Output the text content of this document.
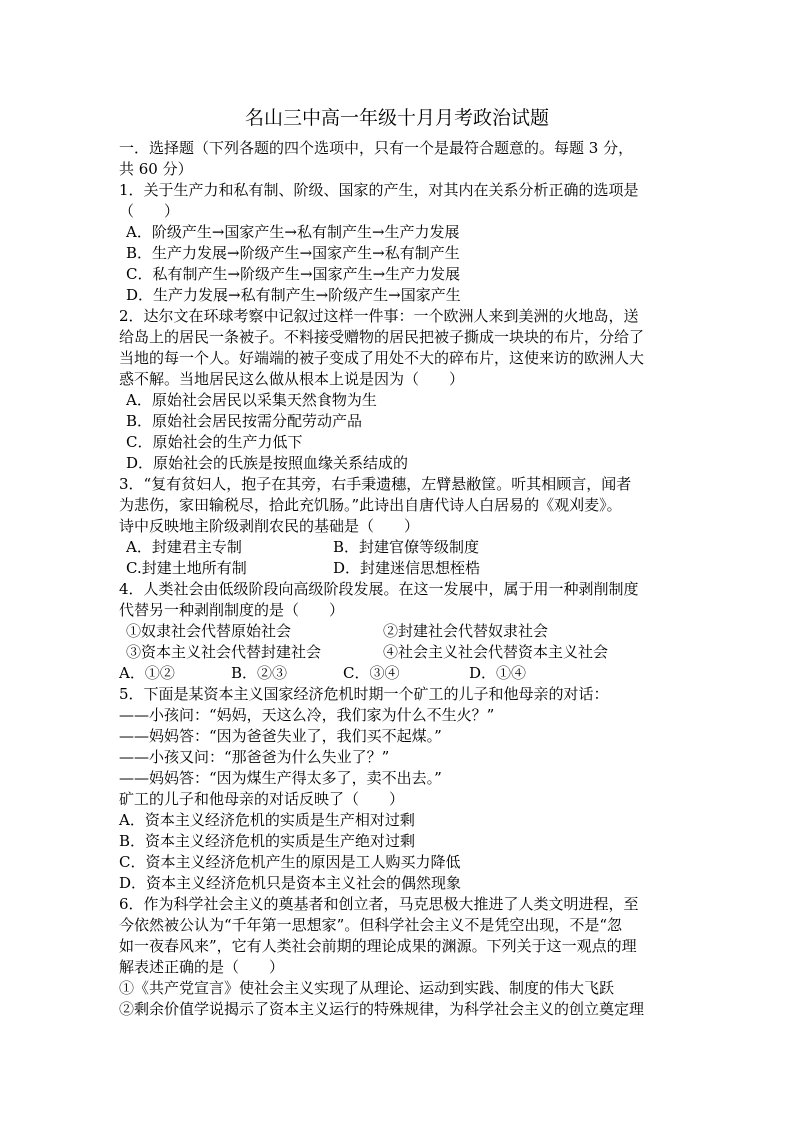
名山三中高一年级十月月考政治试题
一．选择题（下列各题的四个选项中，只有一个是最符合题意的。每题 3 分，
共 60 分）
1．关于生产力和私有制、阶级、国家的产生，对其内在关系分析正确的选项是
（　　）
A．阶级产生→国家产生→私有制产生→生产力发展
B．生产力发展→阶级产生→国家产生→私有制产生
C．私有制产生→阶级产生→国家产生→生产力发展
D．生产力发展→私有制产生→阶级产生→国家产生
2．达尔文在环球考察中记叙过这样一件事：一个欧洲人来到美洲的火地岛，送
给岛上的居民一条被子。不料接受赠物的居民把被子撕成一块块的布片，分给了
当地的每一个人。好端端的被子变成了用处不大的碎布片，这使来访的欧洲人大
惑不解。当地居民这么做从根本上说是因为（　　）
A．原始社会居民以采集天然食物为生
B．原始社会居民按需分配劳动产品
C．原始社会的生产力低下
D．原始社会的氏族是按照血缘关系结成的
3．“复有贫妇人，抱子在其旁，右手秉遗穗，左臂悬敝筐。听其相顾言，闻者
为悲伤，家田输税尽，拾此充饥肠。”此诗出自唐代诗人白居易的《观刈麦》。
诗中反映地主阶级剥削农民的基础是（　　）
A．封建君主专制	B．封建官僚等级制度
C.封建土地所有制	D．封建迷信思想桎梏
4．人类社会由低级阶段向高级阶段发展。在这一发展中，属于用一种剥削制度
代替另一种剥削制度的是（　　）
①奴隶社会代替原始社会	②封建社会代替奴隶社会
③资本主义社会代替封建社会	④社会主义社会代替资本主义社会
A．①②	B．②③	C．③④	D．①④
5．下面是某资本主义国家经济危机时期一个矿工的儿子和他母亲的对话：
——小孩问：“妈妈，天这么冷，我们家为什么不生火？”
——妈妈答：“因为爸爸失业了，我们买不起煤。”
——小孩又问：“那爸爸为什么失业了？”
——妈妈答：“因为煤生产得太多了，卖不出去。”
矿工的儿子和他母亲的对话反映了（　　）
A．资本主义经济危机的实质是生产相对过剩
B．资本主义经济危机的实质是生产绝对过剩
C．资本主义经济危机产生的原因是工人购买力降低
D．资本主义经济危机只是资本主义社会的偶然现象
6．作为科学社会主义的奠基者和创立者，马克思极大推进了人类文明进程，至
今依然被公认为“千年第一思想家”。但科学社会主义不是凭空出现，不是“忽
如一夜春风来”，它有人类社会前期的理论成果的渊源。下列关于这一观点的理
解表述正确的是（　　）
①《共产党宣言》使社会主义实现了从理论、运动到实践、制度的伟大飞跃
②剩余价值学说揭示了资本主义运行的特殊规律，为科学社会主义的创立奠定理
